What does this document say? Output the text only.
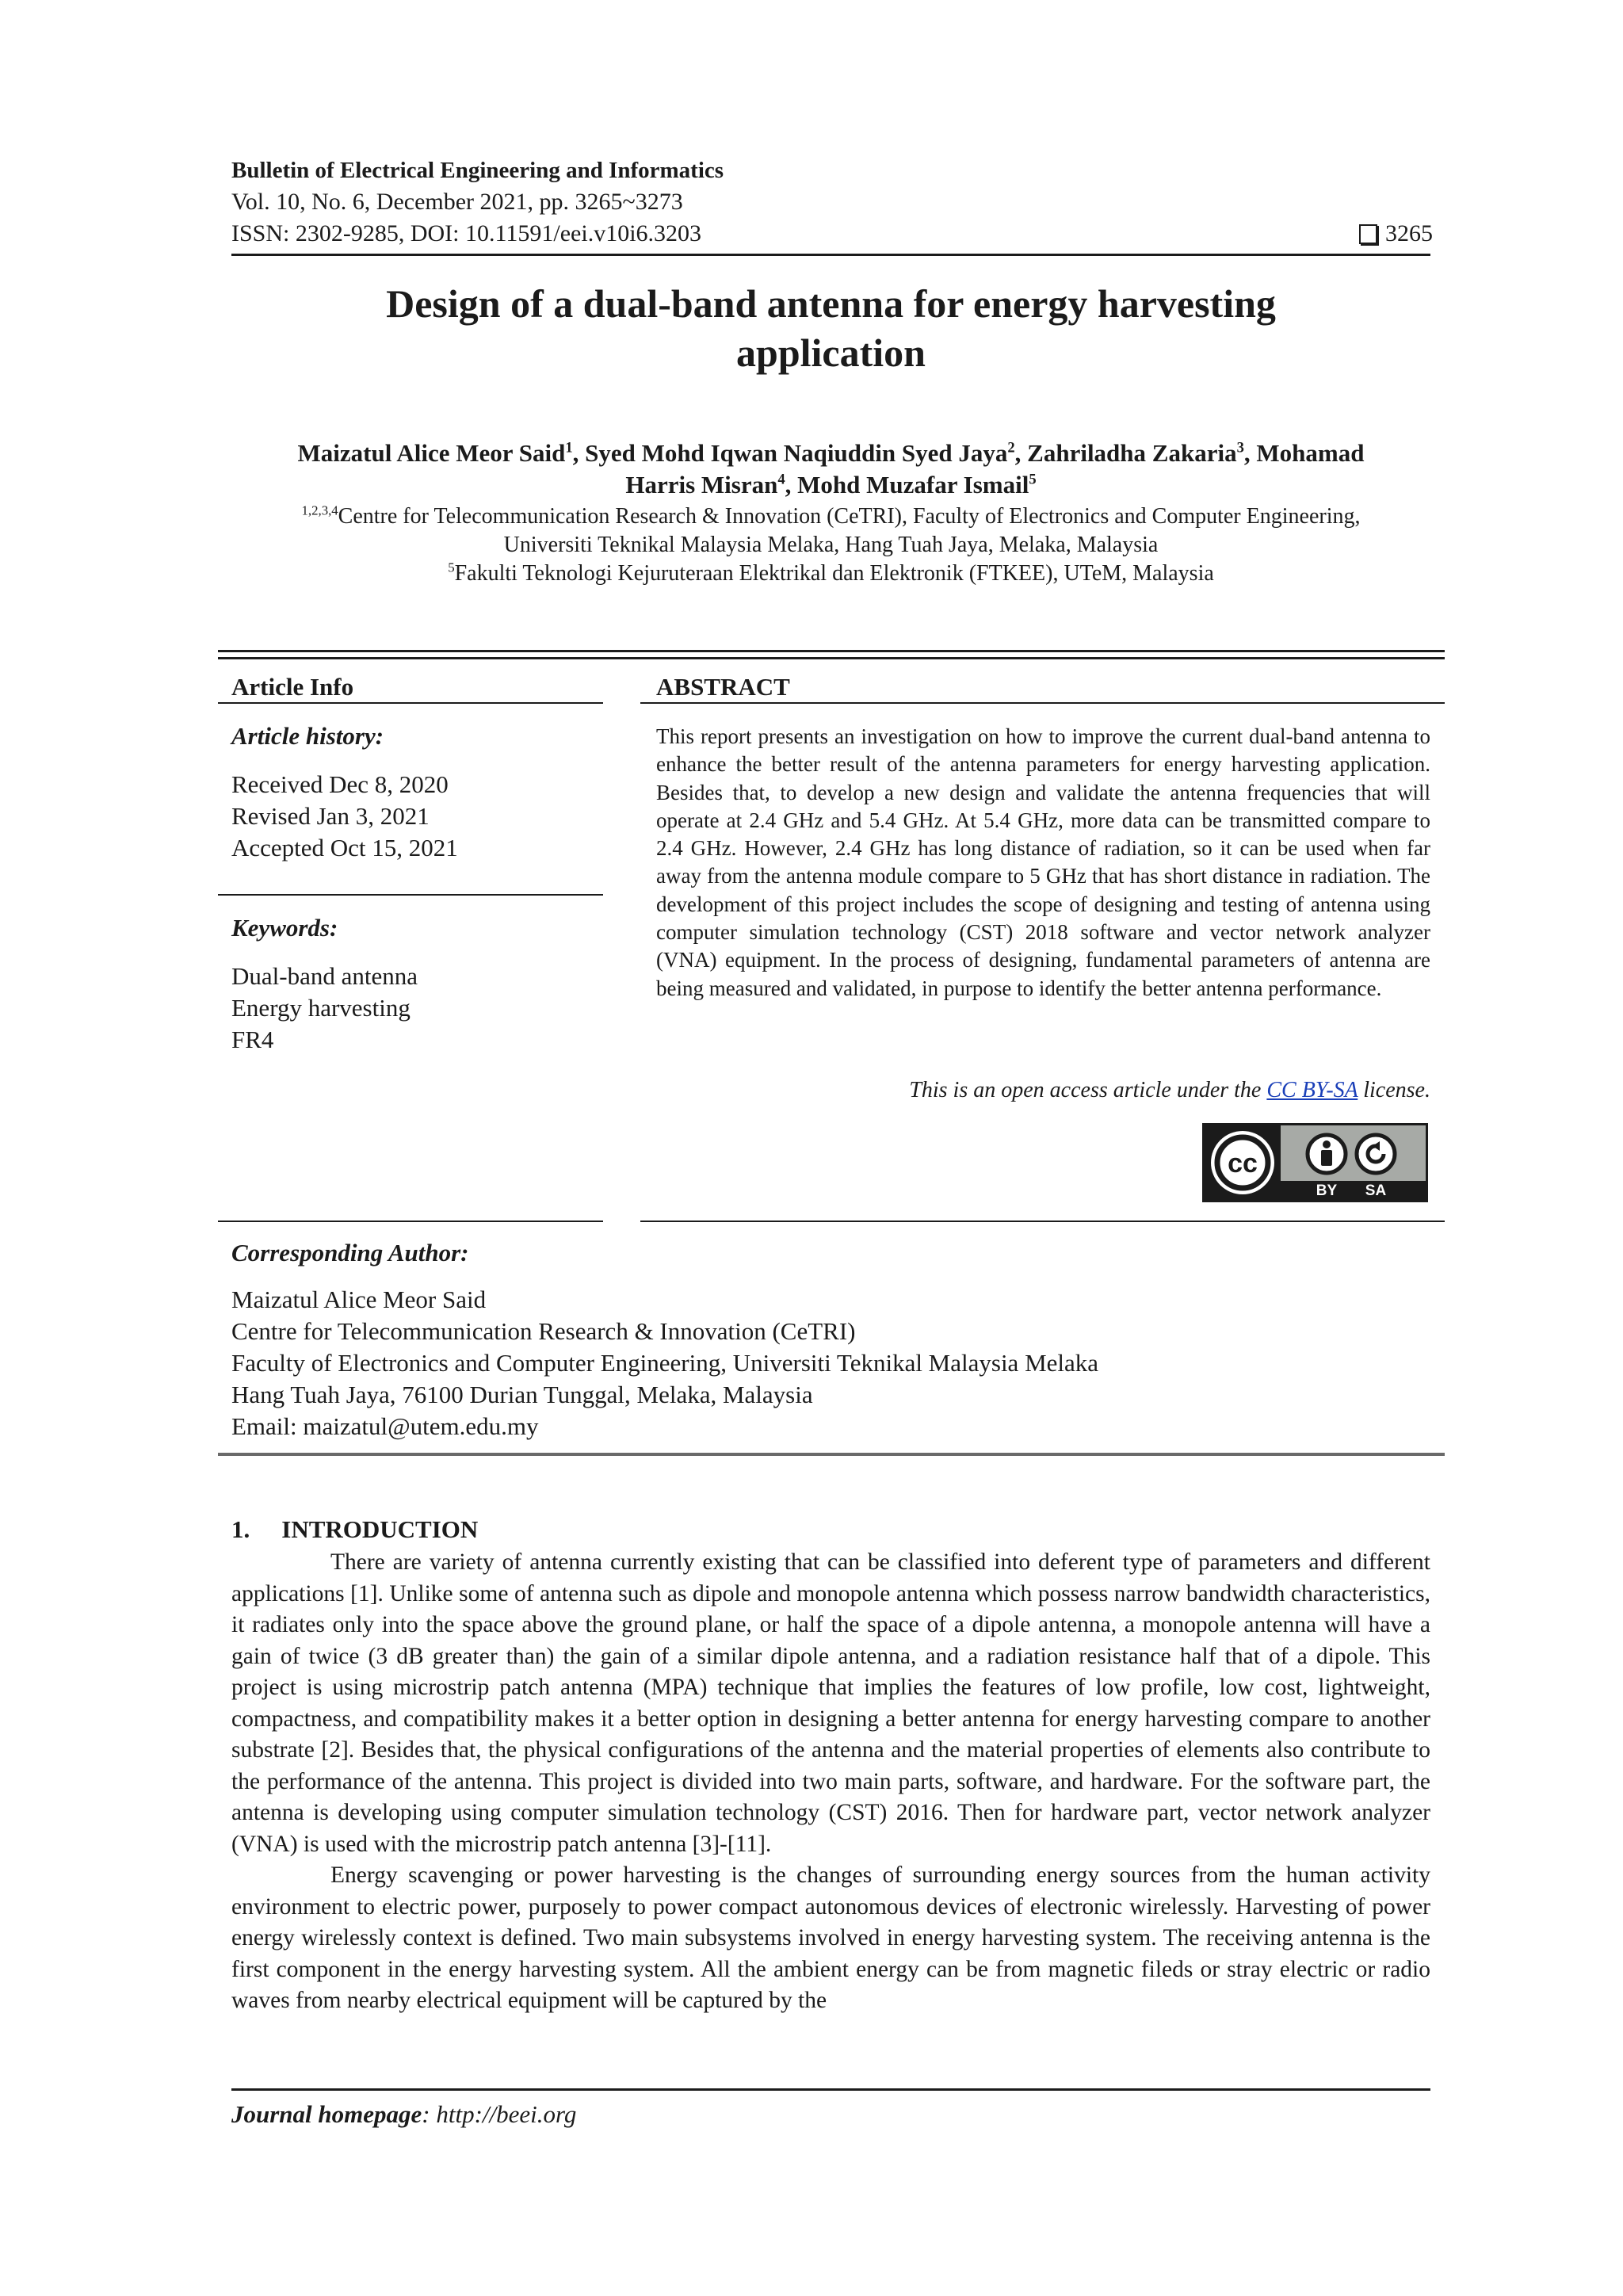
Bulletin of Electrical Engineering and Informatics
Vol. 10, No. 6, December 2021, pp. 3265~3273
ISSN: 2302-9285, DOI: 10.11591/eei.v10i6.3203	3265
Design of a dual-band antenna for energy harvesting
application
Maizatul Alice Meor Said$^1$, Syed Mohd Iqwan Naqiuddin Syed Jaya$^2$, Zahriladha Zakaria$^3$, Mohamad
Harris Misran$^4$, Mohd Muzafar Ismail$^5$
$^{1,2,3,4}$Centre for Telecommunication Research & Innovation (CeTRI), Faculty of Electronics and Computer Engineering,
Universiti Teknikal Malaysia Melaka, Hang Tuah Jaya, Melaka, Malaysia
$^5$Fakulti Teknologi Kejuruteraan Elektrikal dan Elektronik (FTKEE), UTeM, Malaysia
Article Info
Article history:
Received Dec 8, 2020
Revised Jan 3, 2021
Accepted Oct 15, 2021
Keywords:
Dual-band antenna
Energy harvesting
FR4
ABSTRACT
This report presents an investigation on how to improve the current dual-band antenna to enhance the better result of the antenna parameters for energy harvesting application. Besides that, to develop a new design and validate the antenna frequencies that will operate at 2.4 GHz and 5.4 GHz. At 5.4 GHz, more data can be transmitted compare to 2.4 GHz. However, 2.4 GHz has long distance of radiation, so it can be used when far away from the antenna module compare to 5 GHz that has short distance in radiation. The development of this project includes the scope of designing and testing of antenna using computer simulation technology (CST) 2018 software and vector network analyzer (VNA) equipment. In the process of designing, fundamental parameters of antenna are being measured and validated, in purpose to identify the better antenna performance.
This is an open access article under the CC BY-SA license.
cc
BY SA
Corresponding Author:
Maizatul Alice Meor Said
Centre for Telecommunication Research & Innovation (CeTRI)
Faculty of Electronics and Computer Engineering, Universiti Teknikal Malaysia Melaka
Hang Tuah Jaya, 76100 Durian Tunggal, Melaka, Malaysia
Email: maizatul@utem.edu.my
1. INTRODUCTION

There are variety of antenna currently existing that can be classified into deferent type of parameters and different applications [1]. Unlike some of antenna such as dipole and monopole antenna which possess narrow bandwidth characteristics, it radiates only into the space above the ground plane, or half the space of a dipole antenna, a monopole antenna will have a gain of twice (3 dB greater than) the gain of a similar dipole antenna, and a radiation resistance half that of a dipole. This project is using microstrip patch antenna (MPA) technique that implies the features of low profile, low cost, lightweight, compactness, and compatibility makes it a better option in designing a better antenna for energy harvesting compare to another substrate [2]. Besides that, the physical configurations of the antenna and the material properties of elements also contribute to the performance of the antenna. This project is divided into two main parts, software, and hardware. For the software part, the antenna is developing using computer simulation technology (CST) 2016. Then for hardware part, vector network analyzer (VNA) is used with the microstrip patch antenna [3]-[11].

Energy scavenging or power harvesting is the changes of surrounding energy sources from the human activity environment to electric power, purposely to power compact autonomous devices of electronic wirelessly. Harvesting of power energy wirelessly context is defined. Two main subsystems involved in energy harvesting system. The receiving antenna is the first component in the energy harvesting system. All the ambient energy can be from magnetic fileds or stray electric or radio waves from nearby electrical equipment will be captured by the

Journal homepage: http://beei.org
